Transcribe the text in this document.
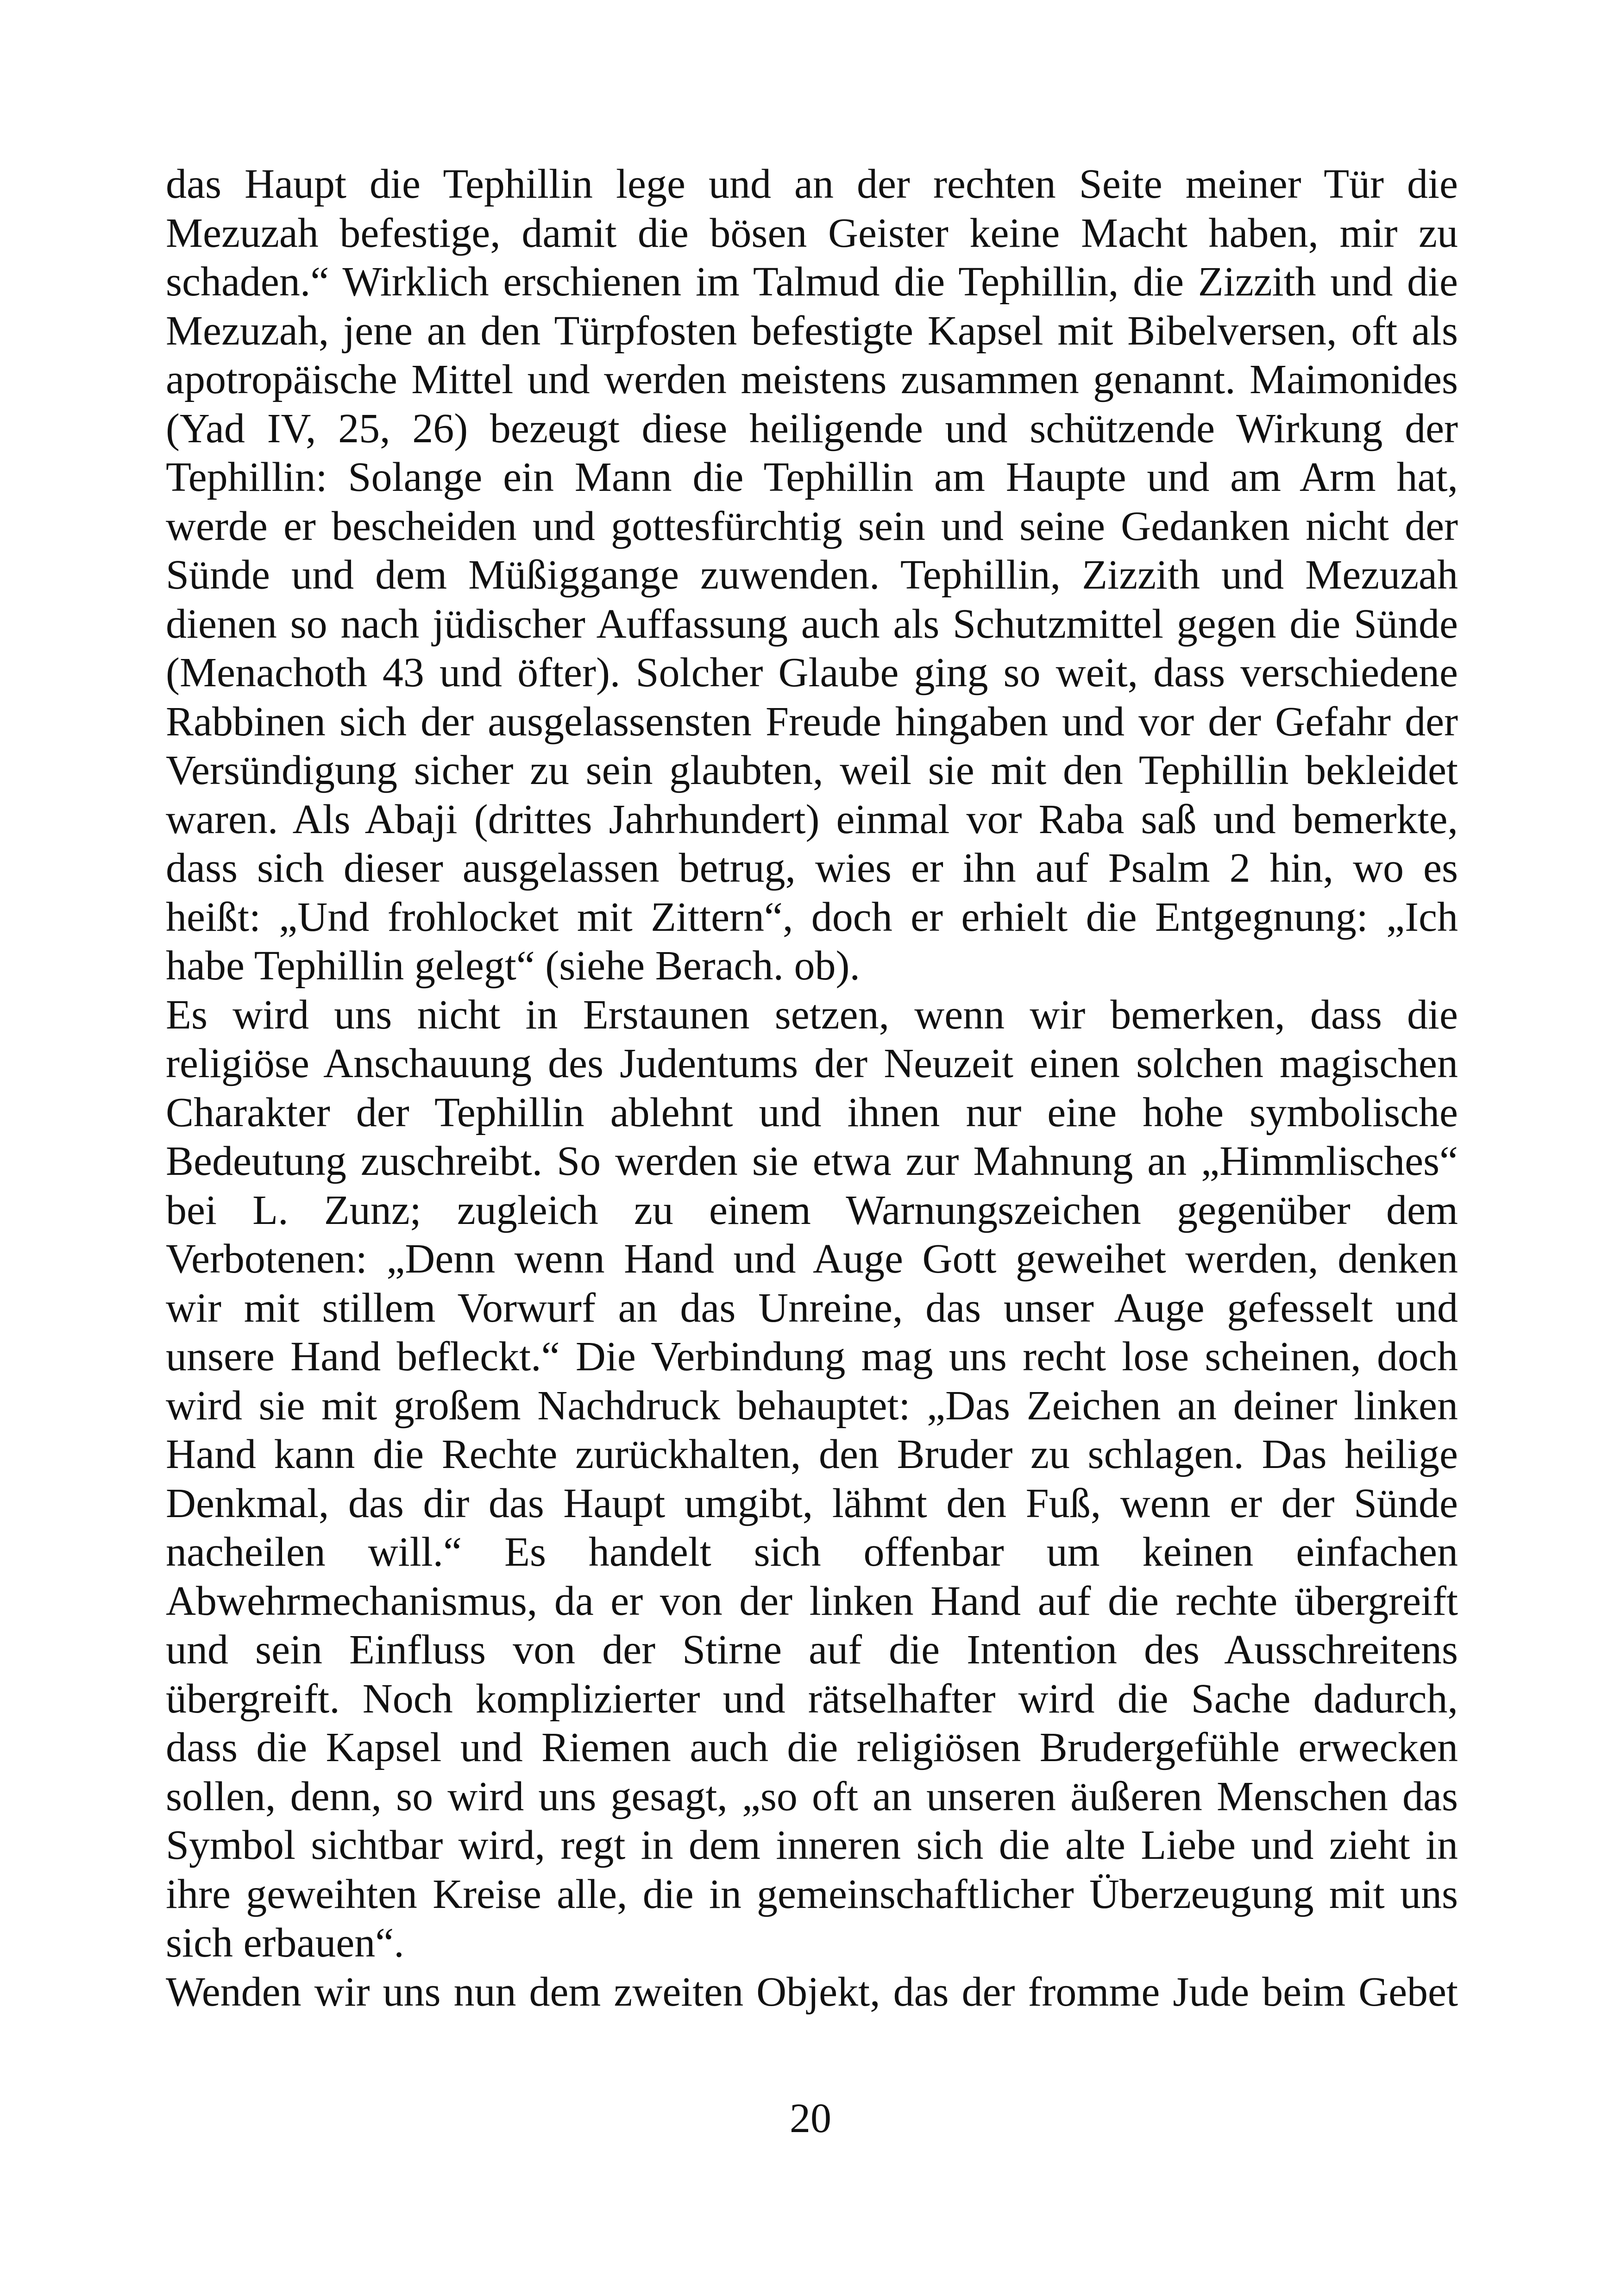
das Haupt die Tephillin lege und an der rechten Seite meiner Tür die
Mezuzah befestige, damit die bösen Geister keine Macht haben, mir zu
schaden.“ Wirklich erschienen im Talmud die Tephillin, die Zizzith und die
Mezuzah, jene an den Türpfosten befestigte Kapsel mit Bibelversen, oft als
apotropäische Mittel und werden meistens zusammen genannt. Maimonides
(Yad IV, 25, 26) bezeugt diese heiligende und schützende Wirkung der
Tephillin: Solange ein Mann die Tephillin am Haupte und am Arm hat,
werde er bescheiden und gottesfürchtig sein und seine Gedanken nicht der
Sünde und dem Müßiggange zuwenden. Tephillin, Zizzith und Mezuzah
dienen so nach jüdischer Auffassung auch als Schutzmittel gegen die Sünde
(Menachoth 43 und öfter). Solcher Glaube ging so weit, dass verschiedene
Rabbinen sich der ausgelassensten Freude hingaben und vor der Gefahr der
Versündigung sicher zu sein glaubten, weil sie mit den Tephillin bekleidet
waren. Als Abaji (drittes Jahrhundert) einmal vor Raba saß und bemerkte,
dass sich dieser ausgelassen betrug, wies er ihn auf Psalm 2 hin, wo es
heißt: „Und frohlocket mit Zittern“, doch er erhielt die Entgegnung: „Ich
habe Tephillin gelegt“ (siehe Berach. ob).
Es wird uns nicht in Erstaunen setzen, wenn wir bemerken, dass die
religiöse Anschauung des Judentums der Neuzeit einen solchen magischen
Charakter der Tephillin ablehnt und ihnen nur eine hohe symbolische
Bedeutung zuschreibt. So werden sie etwa zur Mahnung an „Himmlisches“
bei L. Zunz; zugleich zu einem Warnungszeichen gegenüber dem
Verbotenen: „Denn wenn Hand und Auge Gott geweihet werden, denken
wir mit stillem Vorwurf an das Unreine, das unser Auge gefesselt und
unsere Hand befleckt.“ Die Verbindung mag uns recht lose scheinen, doch
wird sie mit großem Nachdruck behauptet: „Das Zeichen an deiner linken
Hand kann die Rechte zurückhalten, den Bruder zu schlagen. Das heilige
Denkmal, das dir das Haupt umgibt, lähmt den Fuß, wenn er der Sünde
nacheilen will.“ Es handelt sich offenbar um keinen einfachen
Abwehrmechanismus, da er von der linken Hand auf die rechte übergreift
und sein Einfluss von der Stirne auf die Intention des Ausschreitens
übergreift. Noch komplizierter und rätselhafter wird die Sache dadurch,
dass die Kapsel und Riemen auch die religiösen Brudergefühle erwecken
sollen, denn, so wird uns gesagt, „so oft an unseren äußeren Menschen das
Symbol sichtbar wird, regt in dem inneren sich die alte Liebe und zieht in
ihre geweihten Kreise alle, die in gemeinschaftlicher Überzeugung mit uns
sich erbauen“.
Wenden wir uns nun dem zweiten Objekt, das der fromme Jude beim Gebet
20
